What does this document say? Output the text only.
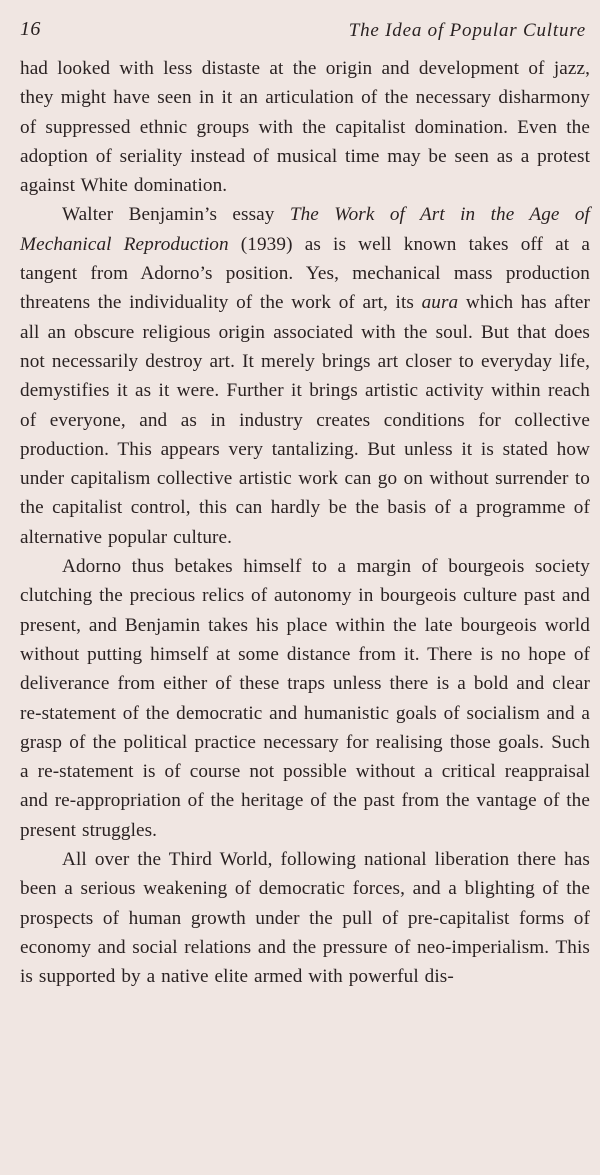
16	The Idea of Popular Culture

had looked with less distaste at the origin and development of jazz, they might have seen in it an articulation of the necessary disharmony of suppressed ethnic groups with the capitalist domination. Even the adoption of seriality instead of musical time may be seen as a protest against White domination.

Walter Benjamin’s essay The Work of Art in the Age of Mechanical Reproduction (1939) as is well known takes off at a tangent from Adorno’s position. Yes, mechanical mass production threatens the individuality of the work of art, its aura which has after all an obscure religious origin associated with the soul. But that does not necessarily destroy art. It merely brings art closer to everyday life, demystifies it as it were. Further it brings artistic activity within reach of everyone, and as in industry creates conditions for collective production. This appears very tantalizing. But unless it is stated how under capitalism collective artistic work can go on without surrender to the capitalist control, this can hardly be the basis of a programme of alternative popular culture.

Adorno thus betakes himself to a margin of bourgeois society clutching the precious relics of autonomy in bourgeois culture past and present, and Benjamin takes his place within the late bourgeois world without putting himself at some distance from it. There is no hope of deliverance from either of these traps unless there is a bold and clear re-statement of the democratic and humanistic goals of socialism and a grasp of the political practice necessary for realising those goals. Such a re-statement is of course not possible without a critical reappraisal and re-appropriation of the heritage of the past from the vantage of the present struggles.

All over the Third World, following national liberation there has been a serious weakening of democratic forces, and a blighting of the prospects of human growth under the pull of pre-capitalist forms of economy and social relations and the pressure of neo-imperialism. This is supported by a native elite armed with powerful dis-
